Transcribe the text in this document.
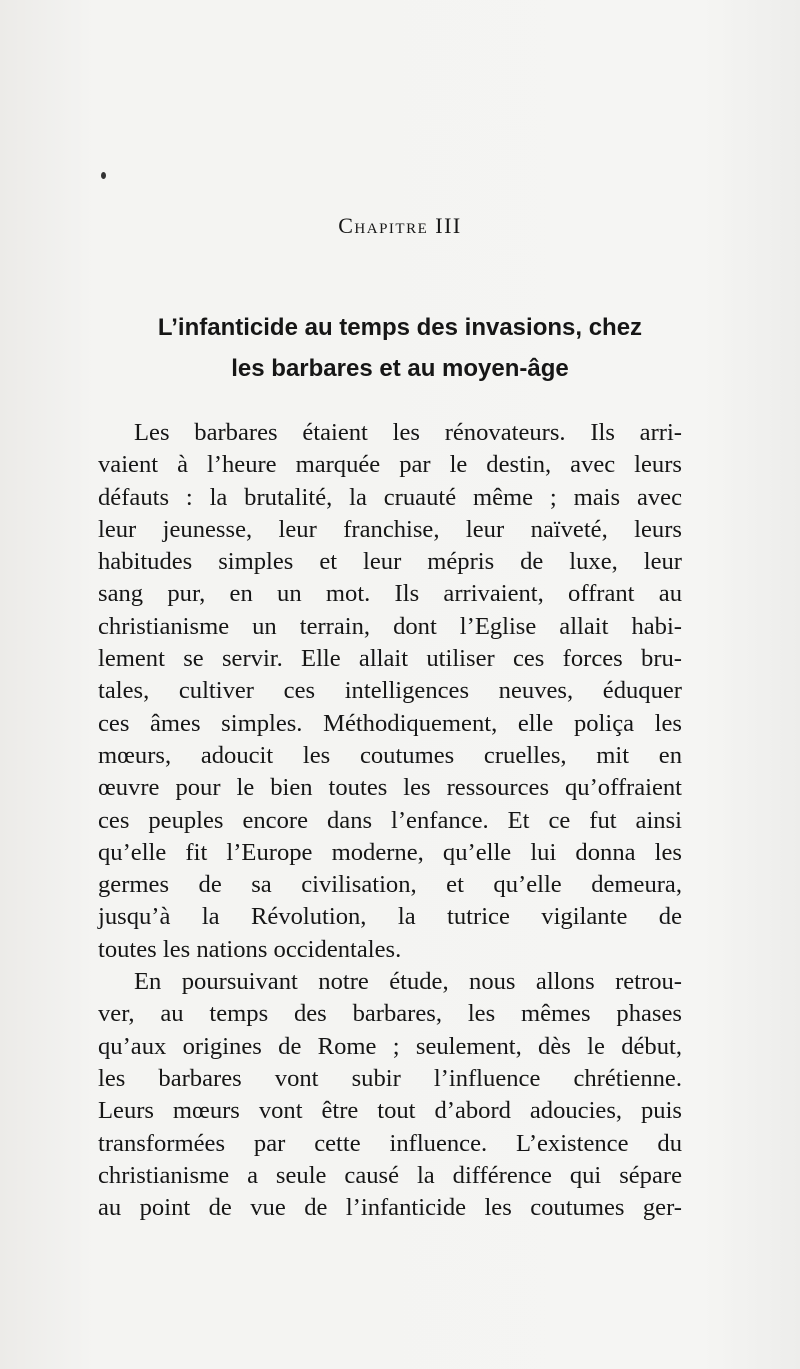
Chapitre III
L’infanticide au temps des invasions, chez
les barbares et au moyen-âge
Les barbares étaient les rénovateurs. Ils arri-
vaient à l’heure marquée par le destin, avec leurs
défauts : la brutalité, la cruauté même ; mais avec
leur jeunesse, leur franchise, leur naïveté, leurs
habitudes simples et leur mépris de luxe, leur
sang pur, en un mot. Ils arrivaient, offrant au
christianisme un terrain, dont l’Eglise allait habi-
lement se servir. Elle allait utiliser ces forces bru-
tales, cultiver ces intelligences neuves, éduquer
ces âmes simples. Méthodiquement, elle poliça les
mœurs, adoucit les coutumes cruelles, mit en
œuvre pour le bien toutes les ressources qu’offraient
ces peuples encore dans l’enfance. Et ce fut ainsi
qu’elle fit l’Europe moderne, qu’elle lui donna les
germes de sa civilisation, et qu’elle demeura,
jusqu’à la Révolution, la tutrice vigilante de
toutes les nations occidentales.
En poursuivant notre étude, nous allons retrou-
ver, au temps des barbares, les mêmes phases
qu’aux origines de Rome ; seulement, dès le début,
les barbares vont subir l’influence chrétienne.
Leurs mœurs vont être tout d’abord adoucies, puis
transformées par cette influence. L’existence du
christianisme a seule causé la différence qui sépare
au point de vue de l’infanticide les coutumes ger-
